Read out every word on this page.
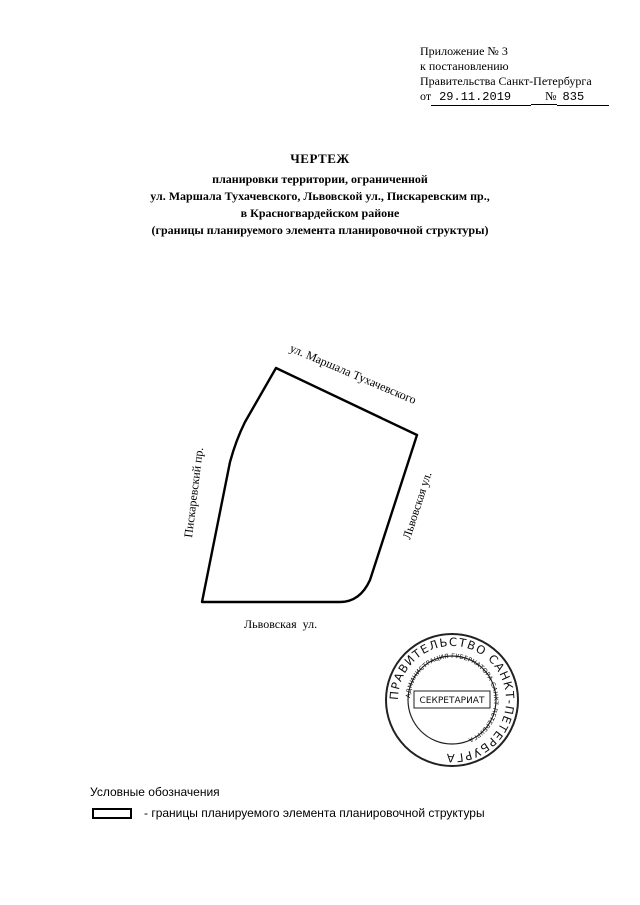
Приложение № 3
к постановлению
Правительства Санкт-Петербурга
от 29.11.2019	№ 835
ЧЕРТЕЖ
планировки территории, ограниченной
ул. Маршала Тухачевского, Львовской ул., Пискаревским пр.,
в Красногвардейском районе
(границы планируемого элемента планировочной структуры)
ул. Маршала Тухачевского
Львовская ул.
Львовская  ул.
Пискаревский пр.
ПРАВИТЕЛЬСТВО САНКТ-ПЕТЕРБУРГА
АДМИНИСТРАЦИЯ ГУБЕРНАТОРА САНКТ-ПЕТЕРБУРГА
СЕКРЕТАРИАТ
Условные обозначения
- границы планируемого элемента планировочной структуры
